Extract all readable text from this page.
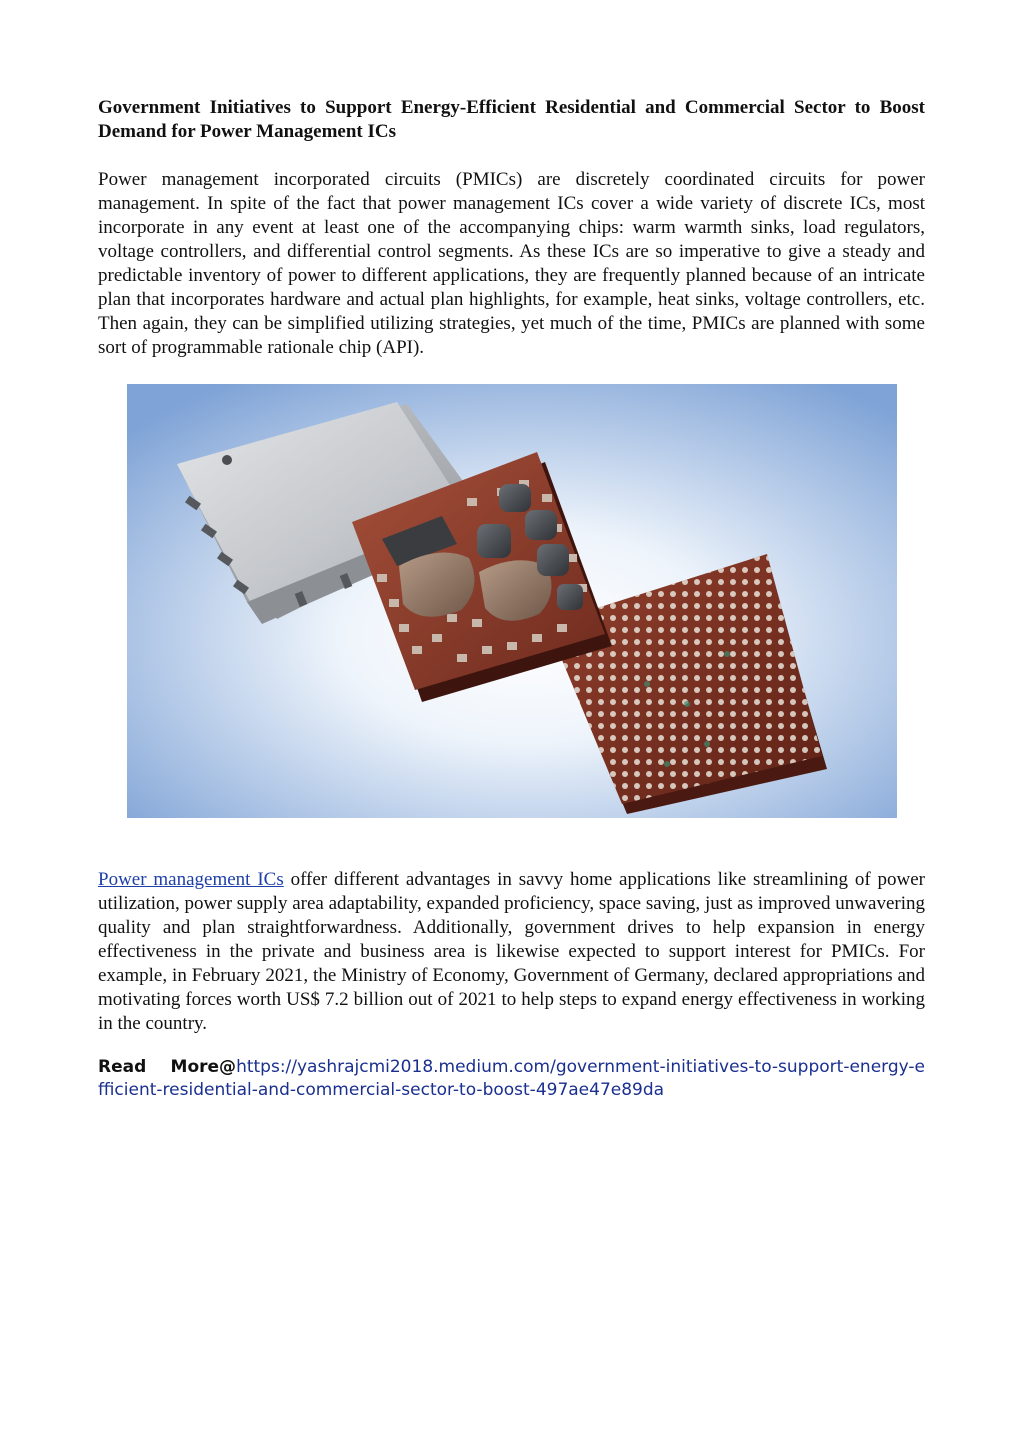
Government Initiatives to Support Energy-Efficient Residential and Commercial Sector to Boost Demand for Power Management ICs

Power management incorporated circuits (PMICs) are discretely coordinated circuits for power management. In spite of the fact that power management ICs cover a wide variety of discrete ICs, most incorporate in any event at least one of the accompanying chips: warm warmth sinks, load regulators, voltage controllers, and differential control segments. As these ICs are so imperative to give a steady and predictable inventory of power to different applications, they are frequently planned because of an intricate plan that incorporates hardware and actual plan highlights, for example, heat sinks, voltage controllers, etc. Then again, they can be simplified utilizing strategies, yet much of the time, PMICs are planned with some sort of programmable rationale chip (API).

Power management ICs offer different advantages in savvy home applications like streamlining of power utilization, power supply area adaptability, expanded proficiency, space saving, just as improved unwavering quality and plan straightforwardness. Additionally, government drives to help expansion in energy effectiveness in the private and business area is likewise expected to support interest for PMICs. For example, in February 2021, the Ministry of Economy, Government of Germany, declared appropriations and motivating forces worth US$ 7.2 billion out of 2021 to help steps to expand energy effectiveness in working in the country.

Read More@https://yashrajcmi2018.medium.com/government-initiatives-to-support-energy-efficient-residential-and-commercial-sector-to-boost-497ae47e89da
